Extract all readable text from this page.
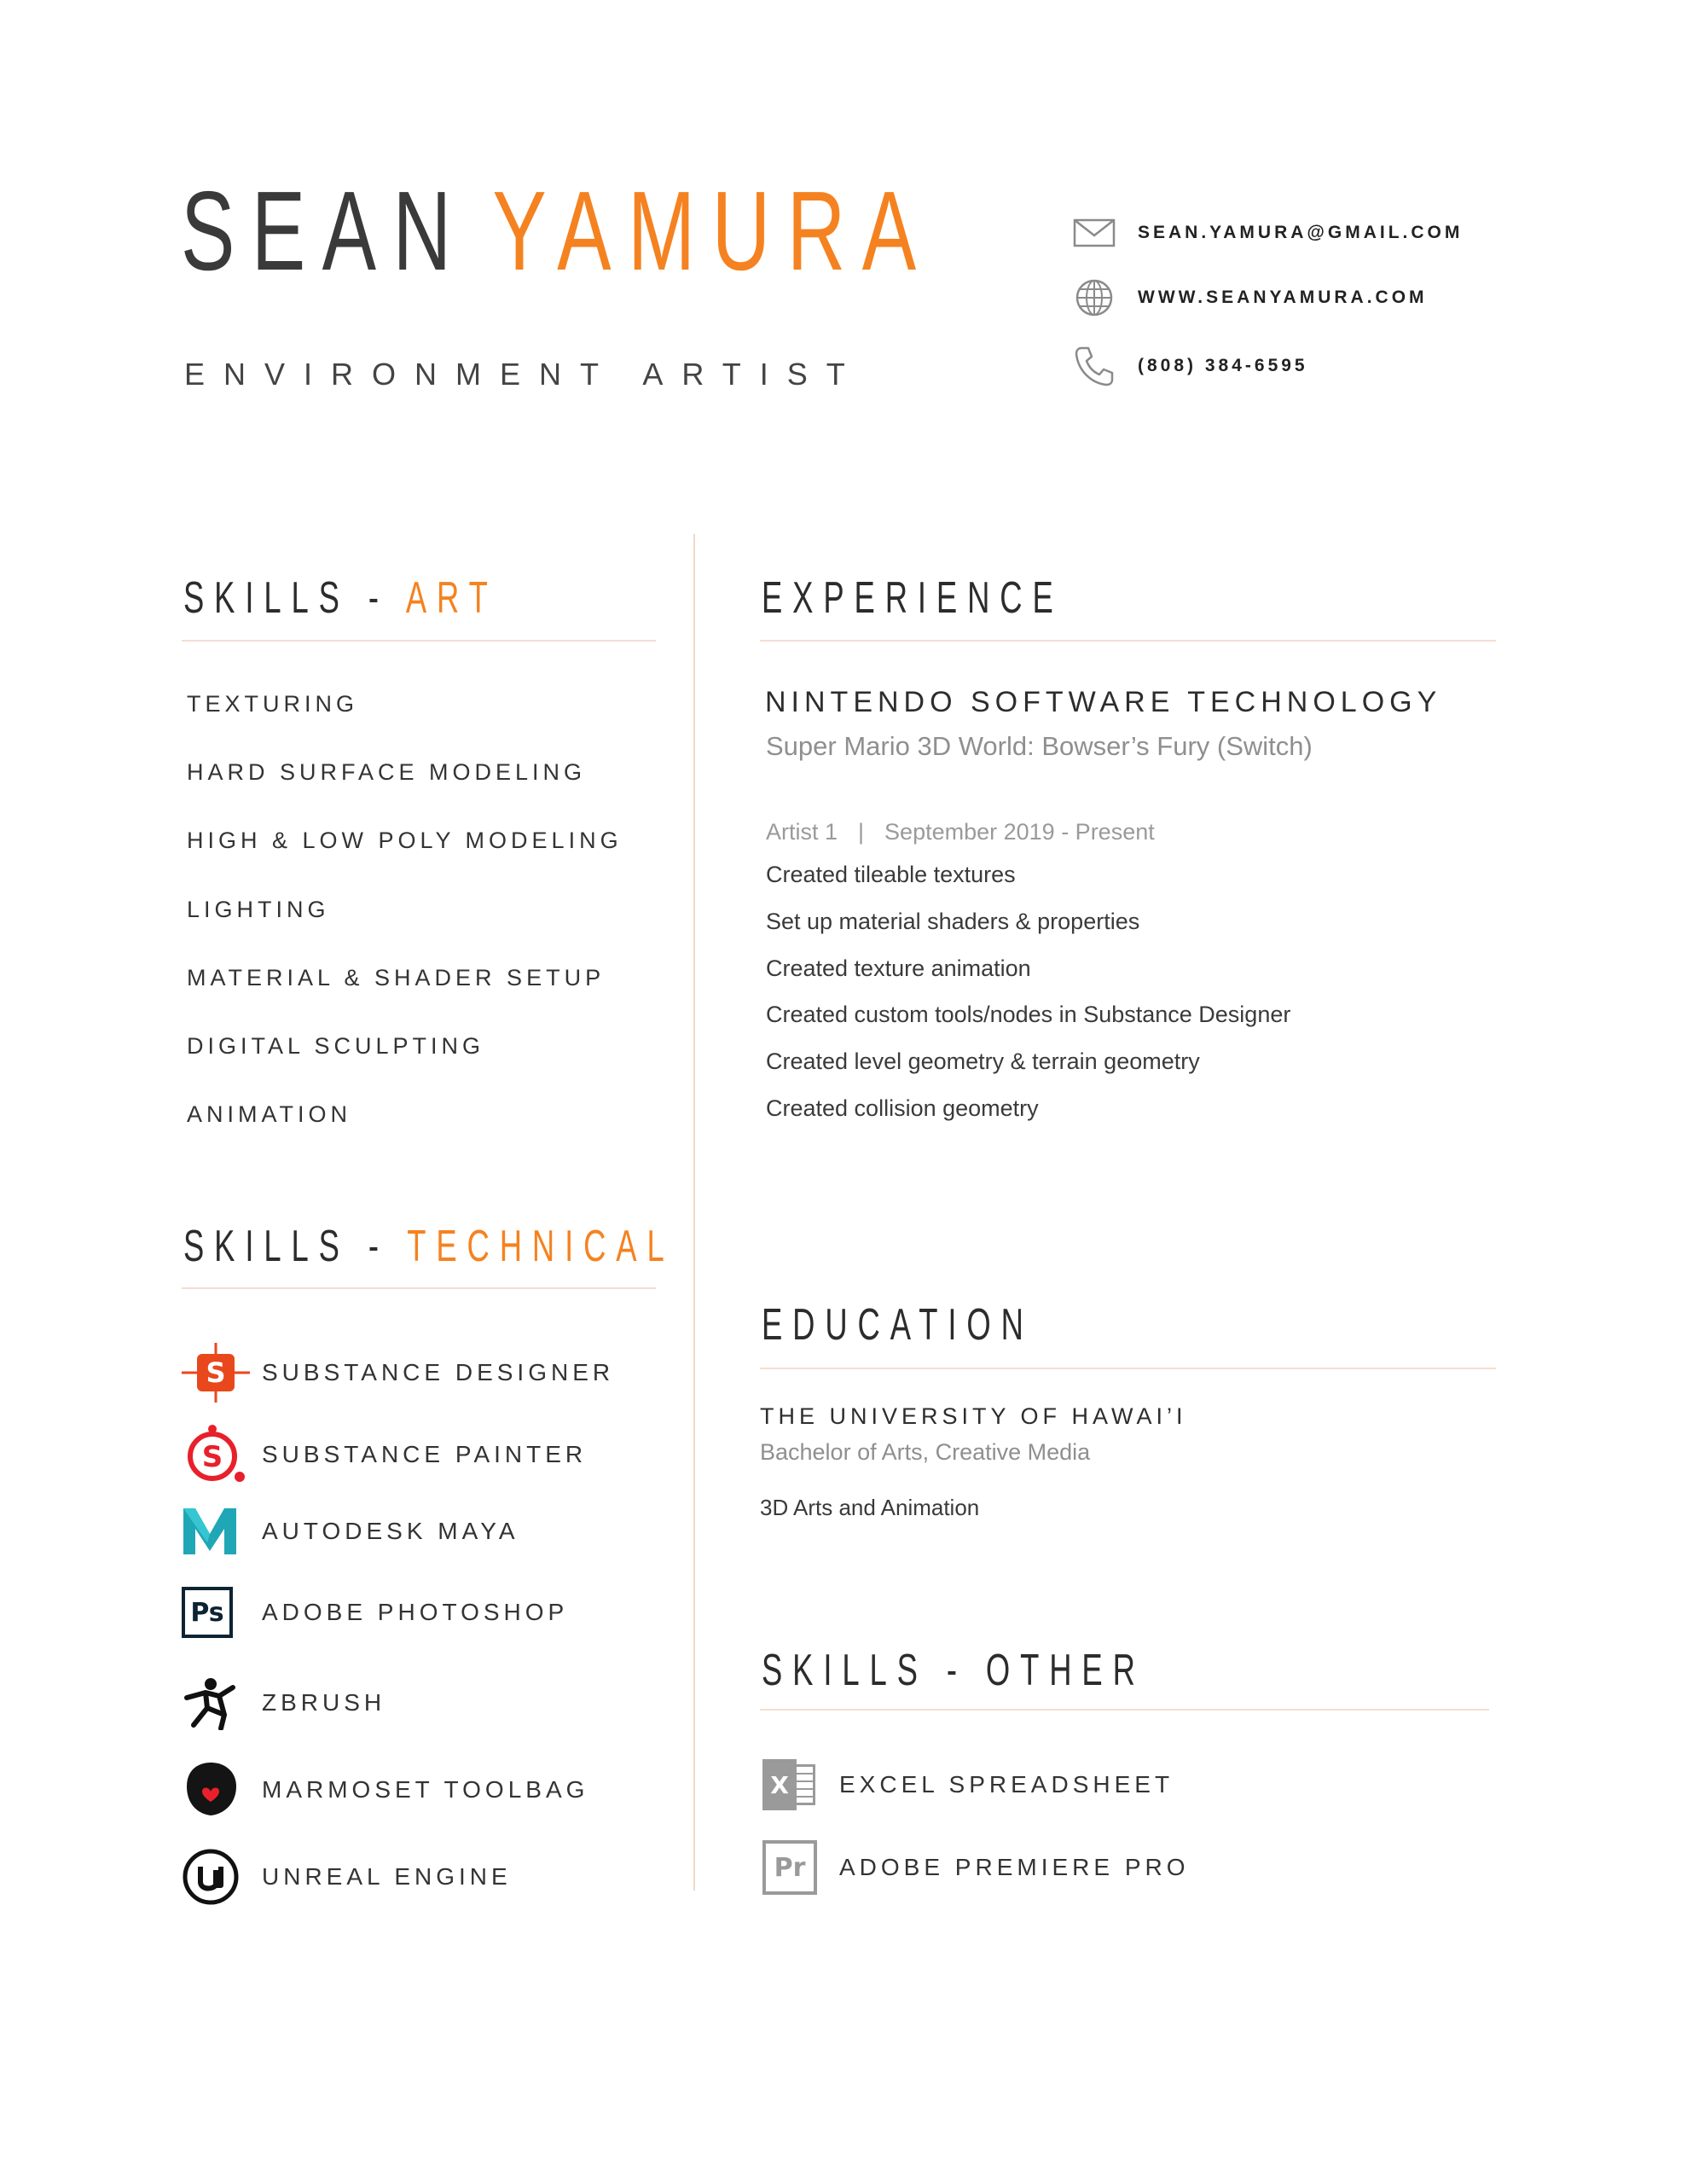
SEAN YAMURA
ENVIRONMENT ARTIST
SEAN.YAMURA@GMAIL.COM
WWW.SEANYAMURA.COM
(808) 384-6595
SKILLS - ART
TEXTURING
HARD SURFACE MODELING
HIGH & LOW POLY MODELING
LIGHTING
MATERIAL & SHADER SETUP
DIGITAL SCULPTING
ANIMATION
SKILLS - TECHNICAL
S SUBSTANCE DESIGNER
S SUBSTANCE PAINTER
AUTODESK MAYA
Ps	ADOBE PHOTOSHOP
ZBRUSH
MARMOSET TOOLBAG
UNREAL ENGINE
EXPERIENCE
NINTENDO SOFTWARE TECHNOLOGY
Super Mario 3D World: Bowser’s Fury (Switch)
Artist 1 | September 2019 - Present
Created tileable textures
Set up material shaders & properties
Created texture animation
Created custom tools/nodes in Substance Designer
Created level geometry & terrain geometry
Created collision geometry
EDUCATION
THE UNIVERSITY OF HAWAI’I
Bachelor of Arts, Creative Media
3D Arts and Animation
SKILLS - OTHER
X	EXCEL SPREADSHEET
Pr	ADOBE PREMIERE PRO
